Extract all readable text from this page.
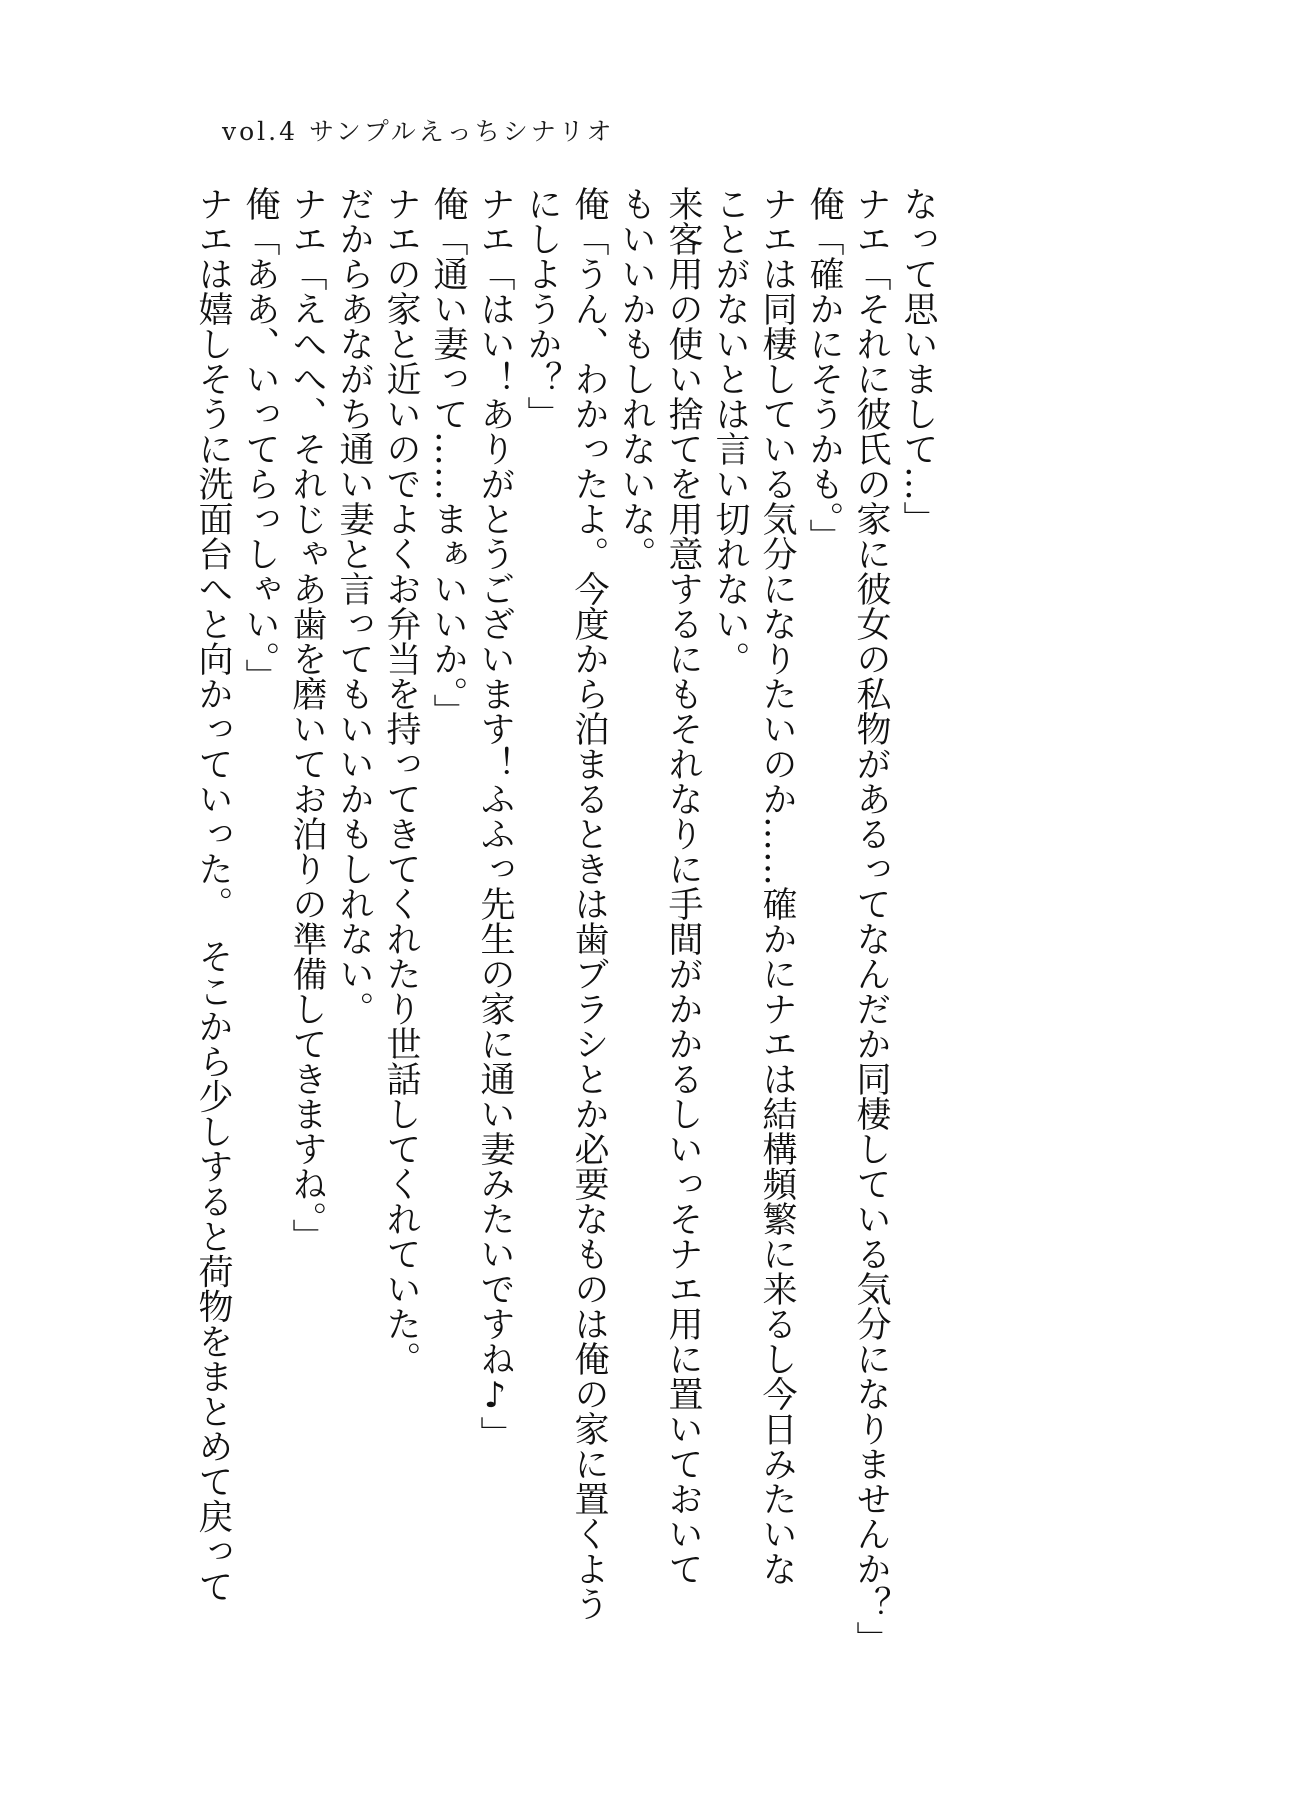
vol.4 サンプルえっちシナリオ
なって思いまして…」
ナエ「それに彼氏の家に彼女の私物があるってなんだか同棲している気分になりませんか？」
俺「確かにそうかも。」
ナエは同棲している気分になりたいのか……確かにナエは結構頻繁に来るし今日みたいな
ことがないとは言い切れない。
来客用の使い捨てを用意するにもそれなりに手間がかかるしいっそナエ用に置いておいて
もいいかもしれないな。
俺「うん、わかったよ。今度から泊まるときは歯ブラシとか必要なものは俺の家に置くよう
にしようか？」
ナエ「はい！ありがとうございます！ふふっ先生の家に通い妻みたいですね♪」
俺「通い妻って……まぁいいか。」
ナエの家と近いのでよくお弁当を持ってきてくれたり世話してくれていた。
だからあながち通い妻と言ってもいいかもしれない。
ナエ「えへへ、それじゃあ歯を磨いてお泊りの準備してきますね。」
俺「ああ、いってらっしゃい。」
ナエは嬉しそうに洗面台へと向かっていった。　そこから少しすると荷物をまとめて戻って
